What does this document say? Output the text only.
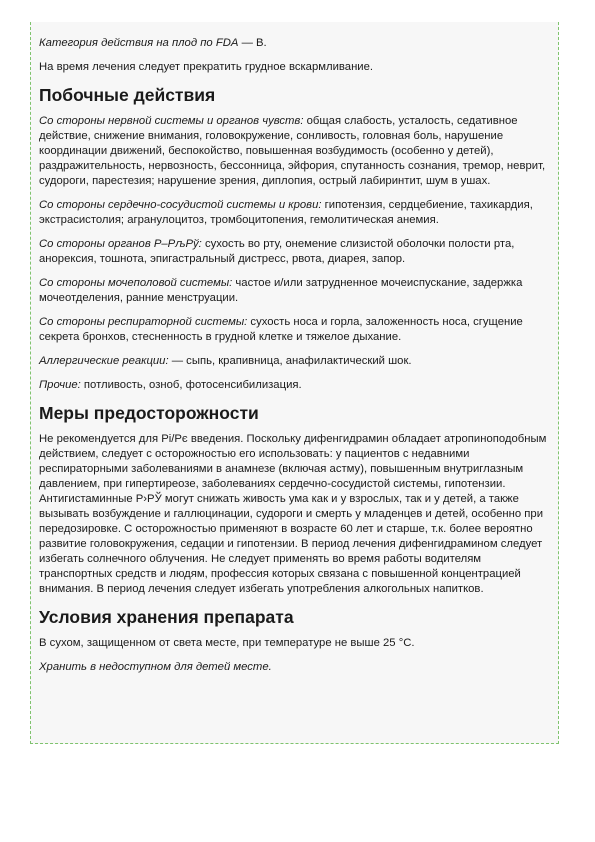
Категория действия на плод по FDA — B.

На время лечения следует прекратить грудное вскармливание.

Побочные действия

Со стороны нервной системы и органов чувств: общая слабость, усталость, седативное действие, снижение внимания, головокружение, сонливость, головная боль, нарушение координации движений, беспокойство, повышенная возбудимость (особенно у детей), раздражительность, нервозность, бессонница, эйфория, спутанность сознания, тремор, неврит, судороги, парестезия; нарушение зрения, диплопия, острый лабиринтит, шум в ушах.

Со стороны сердечно-сосудистой системы и крови: гипотензия, сердцебиение, тахикардия, экстрасистолия; агранулоцитоз, тромбоцитопения, гемолитическая анемия.

Со стороны органов Р–РљРў: сухость во рту, онемение слизистой оболочки полости рта, анорексия, тошнота, эпигастральный дистресс, рвота, диарея, запор.

Со стороны мочеполовой системы: частое и/или затрудненное мочеиспускание, задержка мочеотделения, ранние менструации.

Со стороны респираторной системы: сухость носа и горла, заложенность носа, сгущение секрета бронхов, стесненность в грудной клетке и тяжелое дыхание.

Аллергические реакции: — сыпь, крапивница, анафилактический шок.

Прочие: потливость, озноб, фотосенсибилизация.

Меры предосторожности

Не рекомендуется для Рі/Рє введения. Поскольку дифенгидрамин обладает атропиноподобным действием, следует с осторожностью его использовать: у пациентов с недавними респираторными заболеваниями в анамнезе (включая астму), повышенным внутриглазным давлением, при гипертиреозе, заболеваниях сердечно-сосудистой системы, гипотензии. Антигистаминные Р›РЎ могут снижать живость ума как и у взрослых, так и у детей, а также вызывать возбуждение и галлюцинации, судороги и смерть у младенцев и детей, особенно при передозировке. С осторожностью применяют в возрасте 60 лет и старше, т.к. более вероятно развитие головокружения, седации и гипотензии. В период лечения дифенгидрамином следует избегать солнечного облучения. Не следует применять во время работы водителям транспортных средств и людям, профессия которых связана с повышенной концентрацией внимания. В период лечения следует избегать употребления алкогольных напитков.

Условия хранения препарата

В сухом, защищенном от света месте, при температуре не выше 25 °C.

Хранить в недоступном для детей месте.
